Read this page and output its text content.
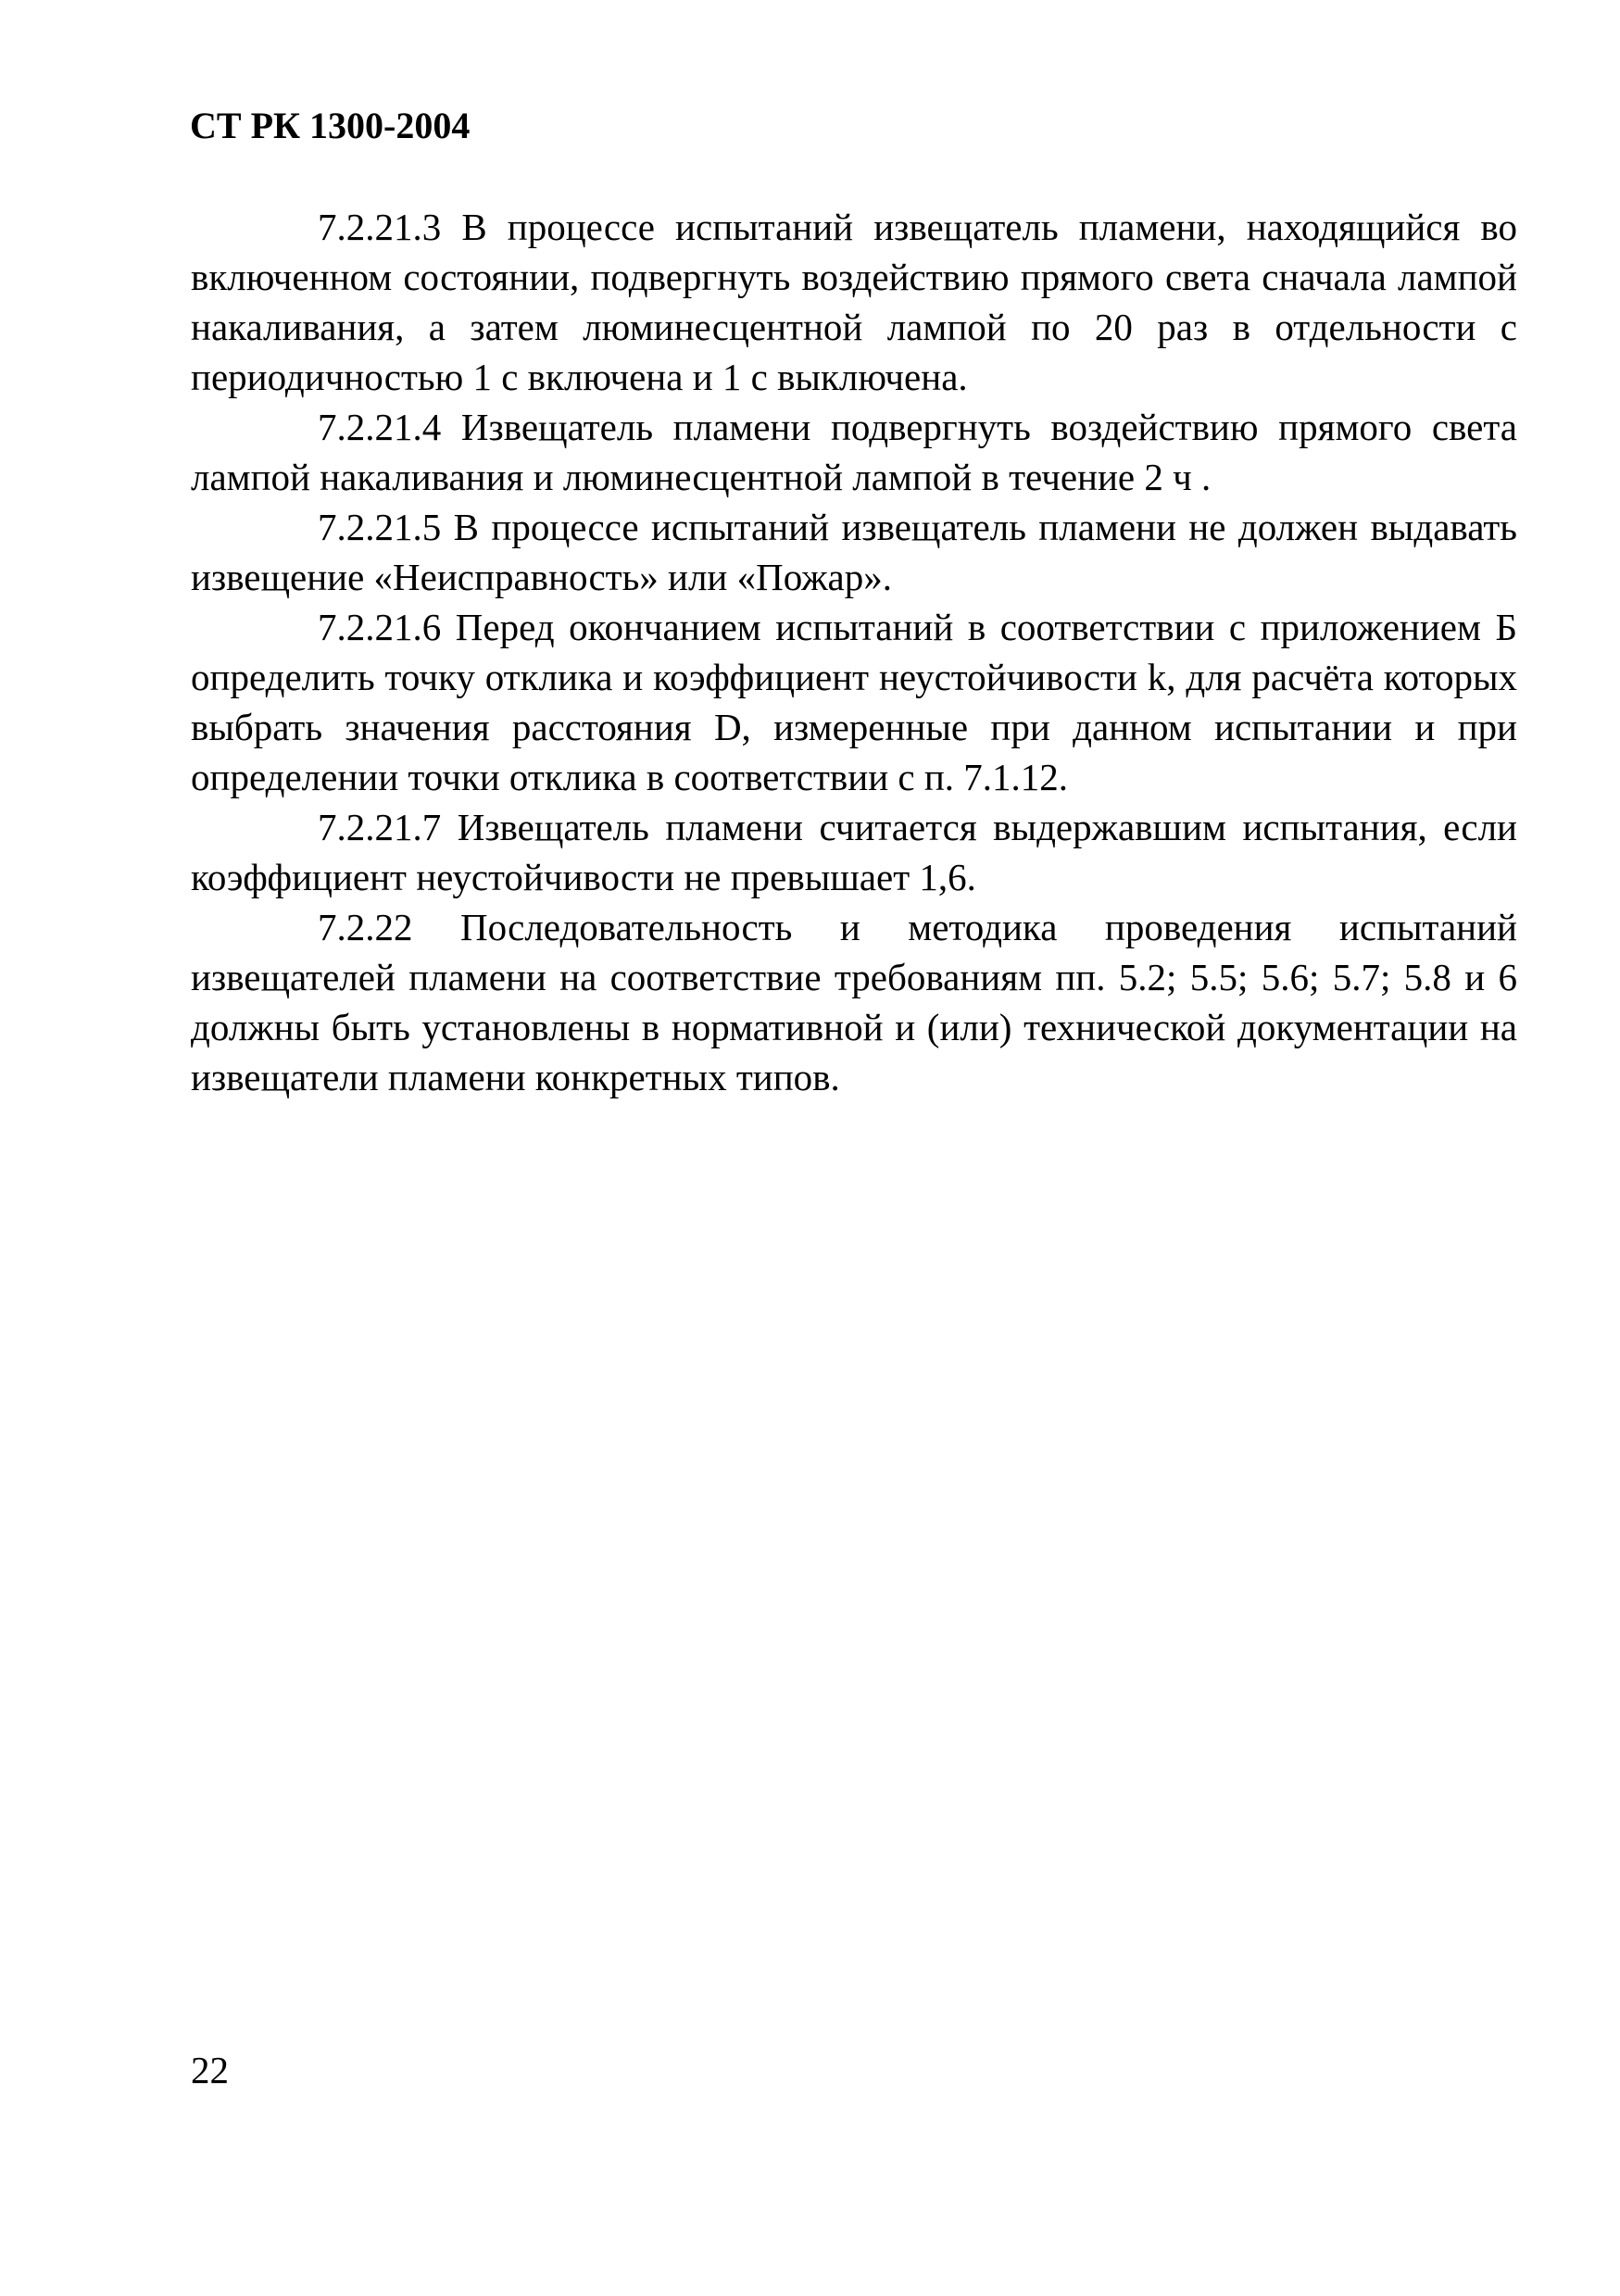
СТ РК 1300-2004

7.2.21.3 В процессе испытаний извещатель пламени, находящийся во включенном состоянии, подвергнуть воздействию прямого света сначала лампой накаливания, а затем люминесцентной лампой по 20 раз в отдельности с периодичностью 1 с включена и 1 с выключена.

7.2.21.4 Извещатель пламени подвергнуть воздействию прямого света лампой накаливания и люминесцентной лампой в течение 2 ч .

7.2.21.5 В процессе испытаний извещатель пламени не должен выдавать извещение «Неисправность» или «Пожар».

7.2.21.6 Перед окончанием испытаний в соответствии с приложением Б определить точку отклика и коэффициент неустойчивости k, для расчёта которых выбрать значения расстояния D, измеренные при данном испытании и при определении точки отклика в соответствии с п. 7.1.12.

7.2.21.7 Извещатель пламени считается выдержавшим испытания, если коэффициент неустойчивости не превышает 1,6.

7.2.22 Последовательность и методика проведения испытаний извещателей пламени на соответствие требованиям пп. 5.2; 5.5; 5.6; 5.7; 5.8 и 6 должны быть установлены в нормативной и (или) технической документации на извещатели пламени конкретных типов.

22
